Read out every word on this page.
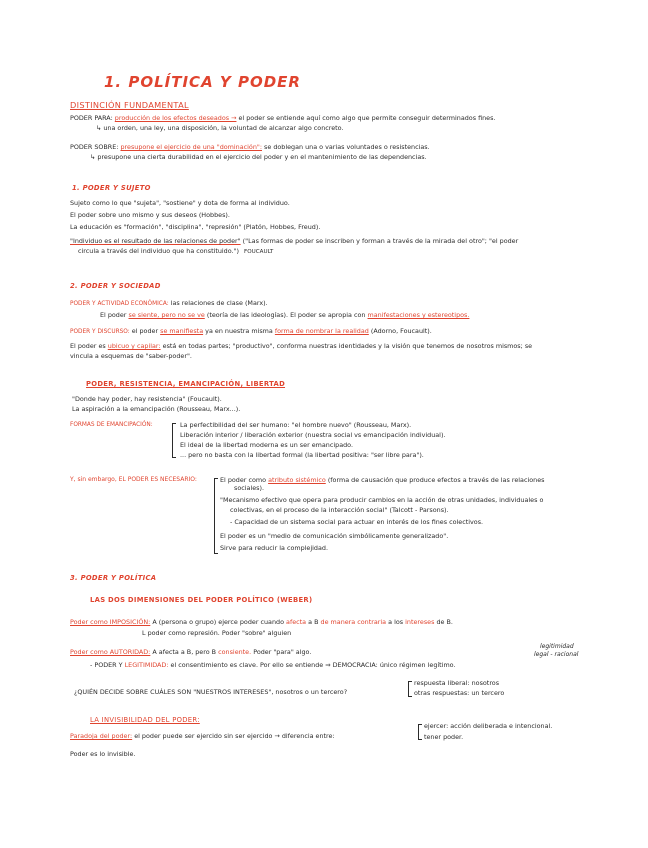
1. POLÍTICA Y PODER
DISTINCIÓN FUNDAMENTAL
PODER PARA: producción de los efectos deseados → el poder se entiende aquí como algo que permite conseguir determinados fines.
↳ una orden, una ley, una disposición, la voluntad de alcanzar algo concreto.
PODER SOBRE: presupone el ejercicio de una "dominación": se doblegan una o varias voluntades o resistencias.
↳ presupone una cierta durabilidad en el ejercicio del poder y en el mantenimiento de las dependencias.
1. PODER Y SUJETO
Sujeto como lo que "sujeta", "sostiene" y dota de forma al individuo.
El poder sobre uno mismo y sus deseos (Hobbes).
La educación es "formación", "disciplina", "represión" (Platón, Hobbes, Freud).
"Individuo es el resultado de las relaciones de poder" ("Las formas de poder se inscriben y forman a través de la mirada del otro"; "el poder
circula a través del individuo que ha constituido.") FOUCAULT
2. PODER Y SOCIEDAD
PODER Y ACTIVIDAD ECONÓMICA: las relaciones de clase (Marx).
El poder se siente, pero no se ve (teoría de las ideologías). El poder se apropia con manifestaciones y estereotipos.
PODER Y DISCURSO: el poder se manifiesta ya en nuestra misma forma de nombrar la realidad (Adorno, Foucault).
El poder es ubicuo y capilar: está en todas partes; "productivo", conforma nuestras identidades y la visión que tenemos de nosotros mismos; se
vincula a esquemas de "saber-poder".
PODER, RESISTENCIA, EMANCIPACIÓN, LIBERTAD
"Donde hay poder, hay resistencia" (Foucault).
La aspiración a la emancipación (Rousseau, Marx...).
FORMAS DE EMANCIPACIÓN:	La perfectibilidad del ser humano: "el hombre nuevo" (Rousseau, Marx).
Liberación interior / liberación exterior (nuestra social vs emancipación individual).
El ideal de la libertad moderna es un ser emancipado.
... pero no basta con la libertad formal (la libertad positiva: "ser libre para").
Y, sin embargo, EL PODER ES NECESARIO:	El poder como atributo sistémico (forma de causación que produce efectos a través de las relaciones
sociales).
"Mecanismo efectivo que opera para producir cambios en la acción de otras unidades, individuales o
colectivas, en el proceso de la interacción social" (Talcott - Parsons).
- Capacidad de un sistema social para actuar en interés de los fines colectivos.
El poder es un "medio de comunicación simbólicamente generalizado".
Sirve para reducir la complejidad.
3. PODER Y POLÍTICA
LAS DOS DIMENSIONES DEL PODER POLÍTICO (WEBER)
Poder como IMPOSICIÓN: A (persona o grupo) ejerce poder cuando afecta a B de manera contraria a los intereses de B.
L poder como represión. Poder "sobre" alguien
legitimidad
legal - racional
Poder como AUTORIDAD: A afecta a B, pero B consiente. Poder "para" algo.
- PODER Y LEGITIMIDAD: el consentimiento es clave. Por ello se entiende ⇒ DEMOCRACIA: único régimen legítimo.
¿QUIÉN DECIDE SOBRE CUÁLES SON "NUESTROS INTERESES", nosotros o un tercero?
respuesta liberal: nosotros
otras respuestas: un tercero
LA INVISIBILIDAD DEL PODER:
Paradoja del poder: el poder puede ser ejercido sin ser ejercido → diferencia entre:
ejercer: acción deliberada e intencional.
tener poder.
Poder es lo invisible.
